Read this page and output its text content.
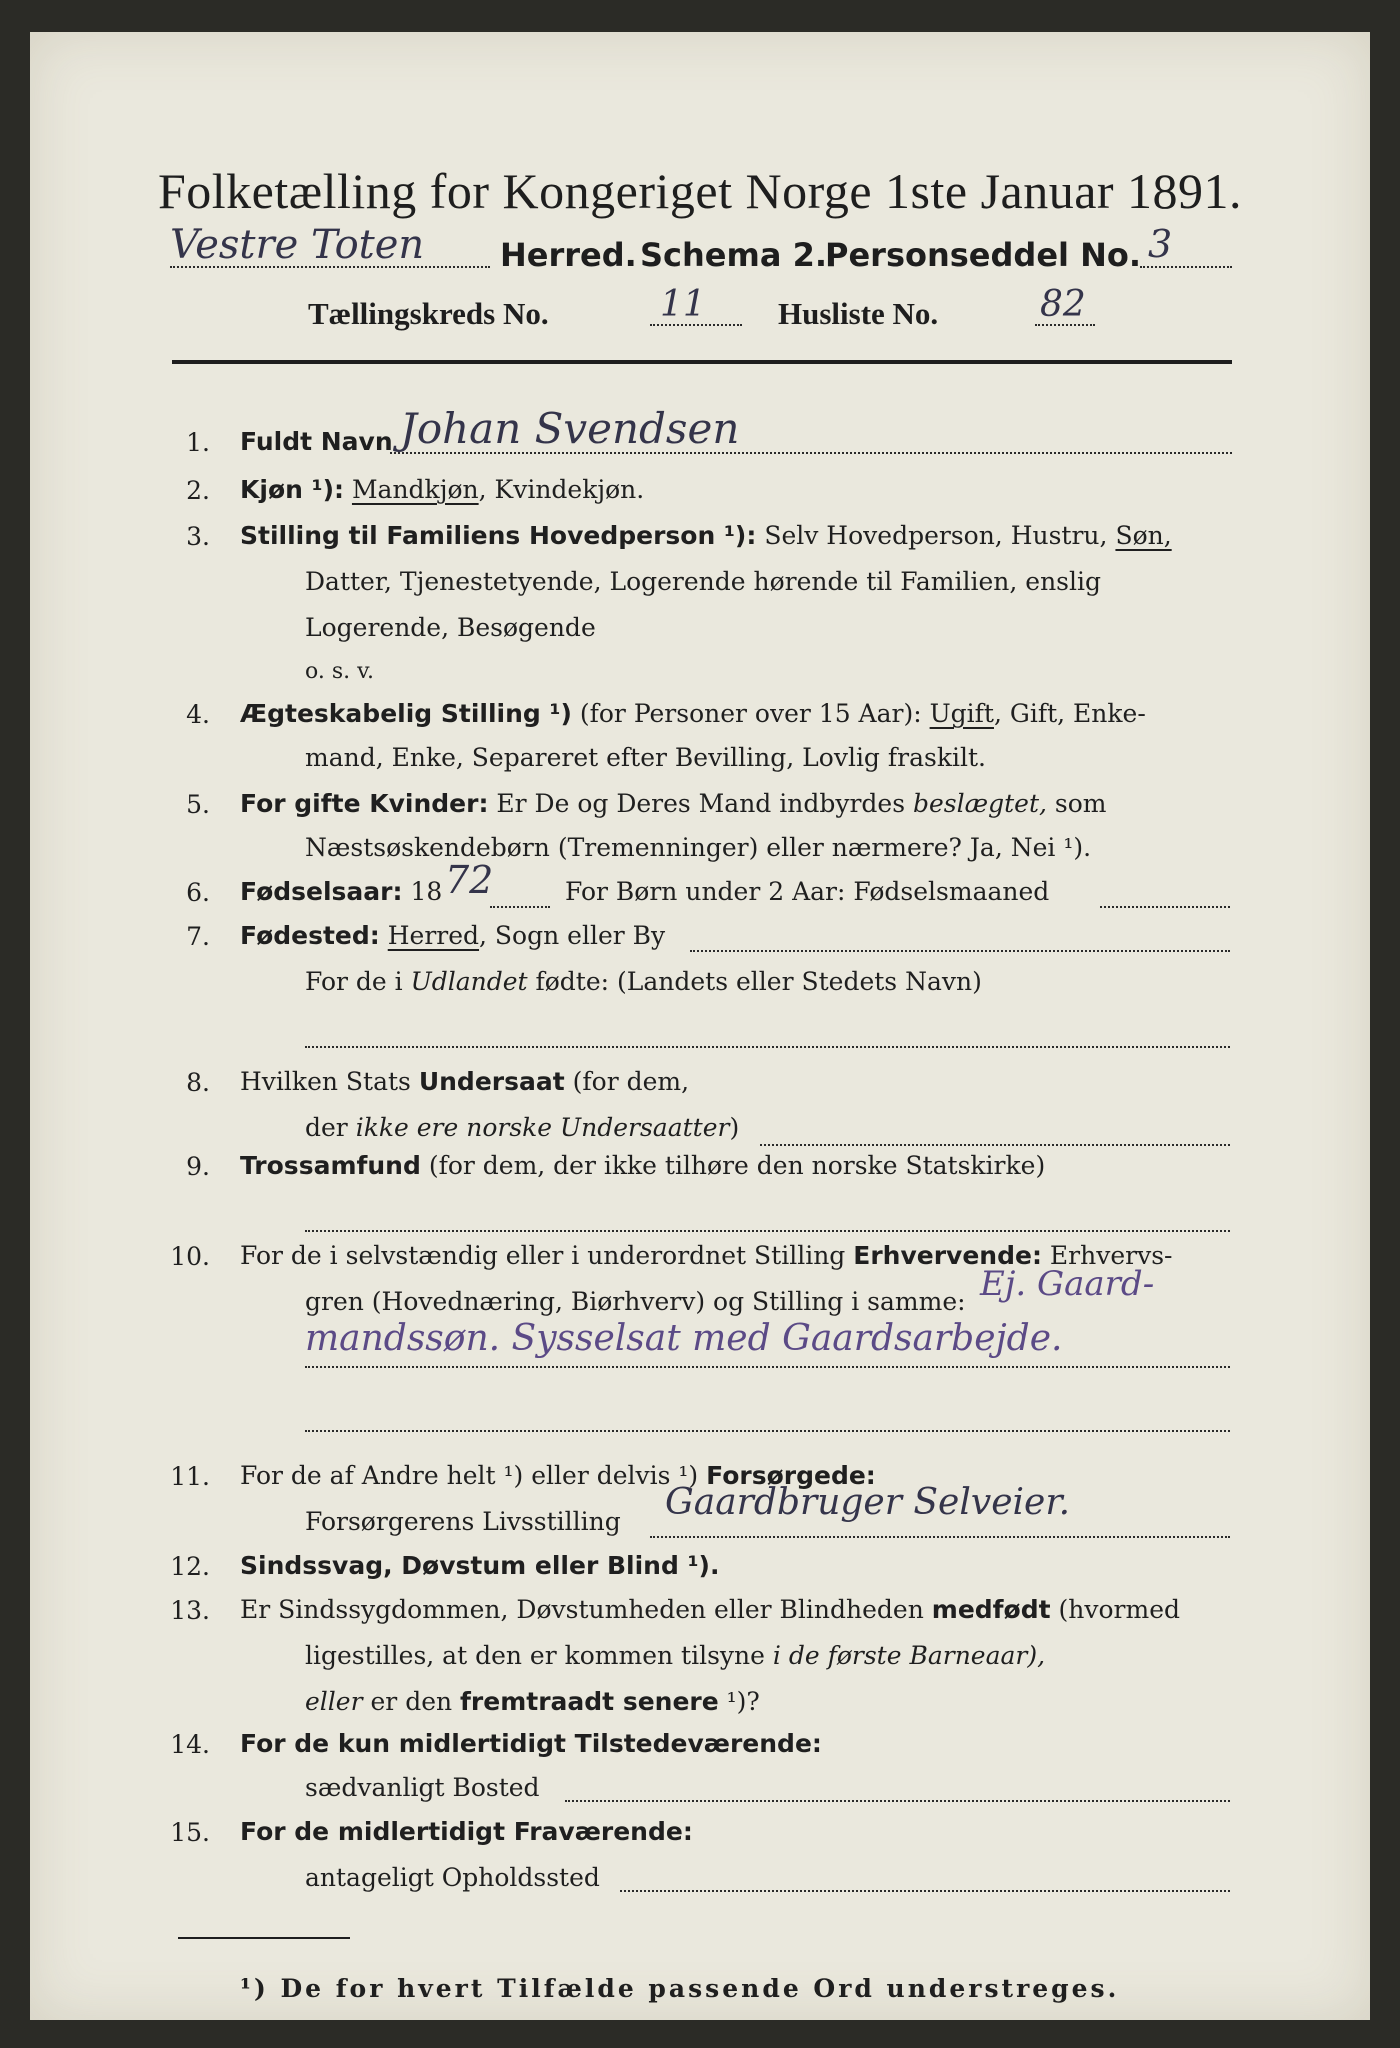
Folketælling for Kongeriget Norge 1ste Januar 1891.
Vestre Toten Herred. Schema 2.
Personseddel No. 3
Tællingskreds No.	11 Husliste No.	82
1. Fuldt Navn Johan Svendsen
2. Kjøn ¹): Mandkjøn, Kvindekjøn.
3. Stilling til Familiens Hovedperson ¹): Selv Hovedperson, Hustru, Søn,
Datter, Tjenestetyende, Logerende hørende til Familien, enslig
Logerende, Besøgende
o. s. v.
4. Ægteskabelig Stilling ¹) (for Personer over 15 Aar): Ugift, Gift, Enke-
mand, Enke, Separeret efter Bevilling, Lovlig fraskilt.
5. For gifte Kvinder: Er De og Deres Mand indbyrdes beslægtet, som
Næstsøskendebørn (Tremenninger) eller nærmere? Ja, Nei ¹).
6. Fødselsaar: 18 72	For Børn under 2 Aar: Fødselsmaaned
7. Fødested: Herred, Sogn eller By
For de i Udlandet fødte: (Landets eller Stedets Navn)
8. Hvilken Stats Undersaat (for dem,
der ikke ere norske Undersaatter)
9. Trossamfund (for dem, der ikke tilhøre den norske Statskirke)
10. For de i selvstændig eller i underordnet Stilling Erhvervende: Erhvervs-
gren (Hovednæring, Biørhverv) og Stilling i samme: Ej. Gaard-
mandssøn. Sysselsat med Gaardsarbejde.
11. For de af Andre helt ¹) eller delvis ¹) Forsørgede:
Forsørgerens Livsstilling Gaardbruger Selveier.
12. Sindssvag, Døvstum eller Blind ¹).
13. Er Sindssygdommen, Døvstumheden eller Blindheden medfødt (hvormed
ligestilles, at den er kommen tilsyne i de første Barneaar),
eller er den fremtraadt senere ¹)?
14. For de kun midlertidigt Tilstedeværende:
sædvanligt Bosted
15. For de midlertidigt Fraværende:
antageligt Opholdssted
¹) De for hvert Tilfælde passende Ord understreges.
